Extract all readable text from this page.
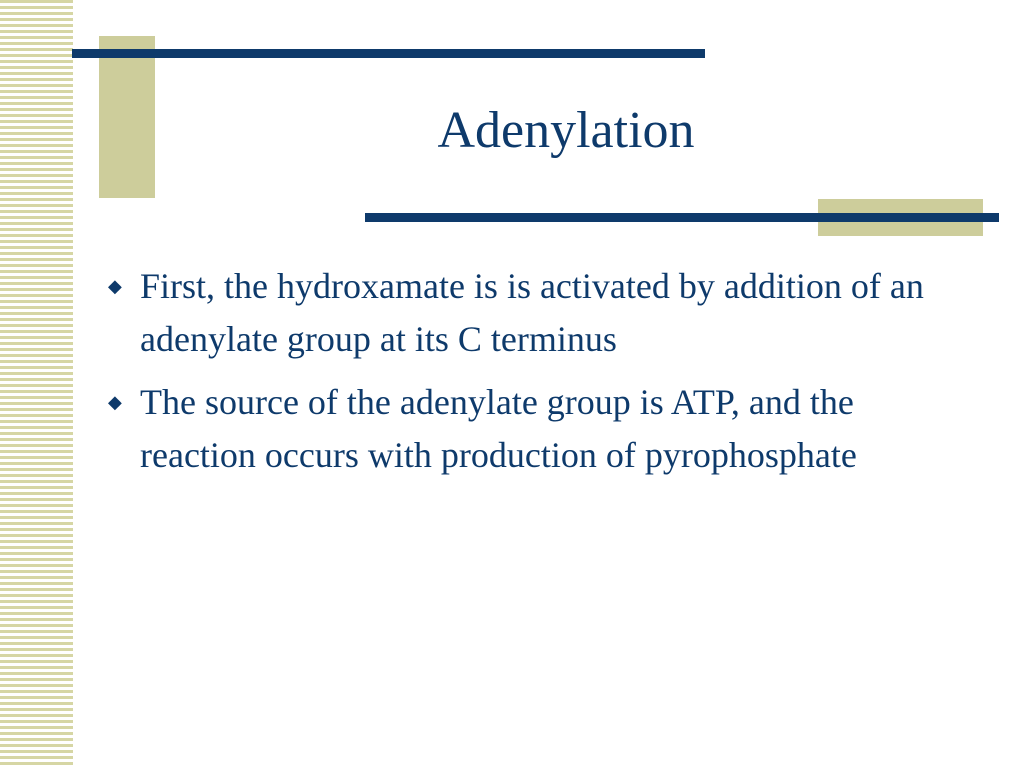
Adenylation
◆ First, the hydroxamate is is activated by addition of an adenylate group at its C terminus
◆ The source of the adenylate group is ATP, and the reaction occurs with production of pyrophosphate
